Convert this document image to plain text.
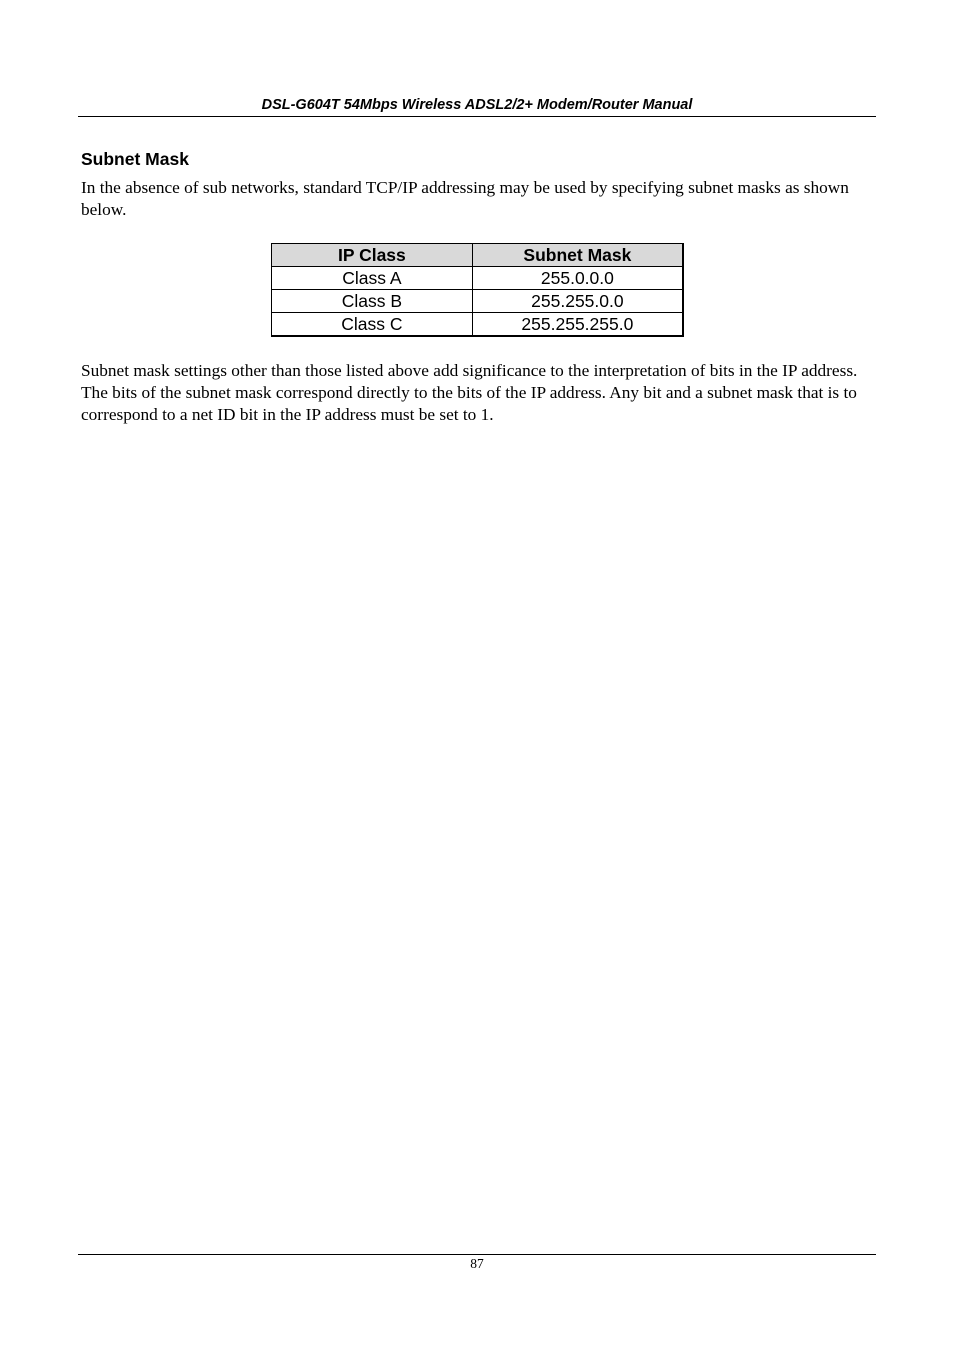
DSL-G604T 54Mbps Wireless ADSL2/2+ Modem/Router Manual
Subnet Mask

In the absence of sub networks, standard TCP/IP addressing may be used by specifying subnet masks as shown below.

IP Class	Subnet Mask
Class A	255.0.0.0
Class B	255.255.0.0
Class C	255.255.255.0

Subnet mask settings other than those listed above add significance to the interpretation of bits in the IP address. The bits of the subnet mask correspond directly to the bits of the IP address. Any bit and a subnet mask that is to correspond to a net ID bit in the IP address must be set to 1.

87
